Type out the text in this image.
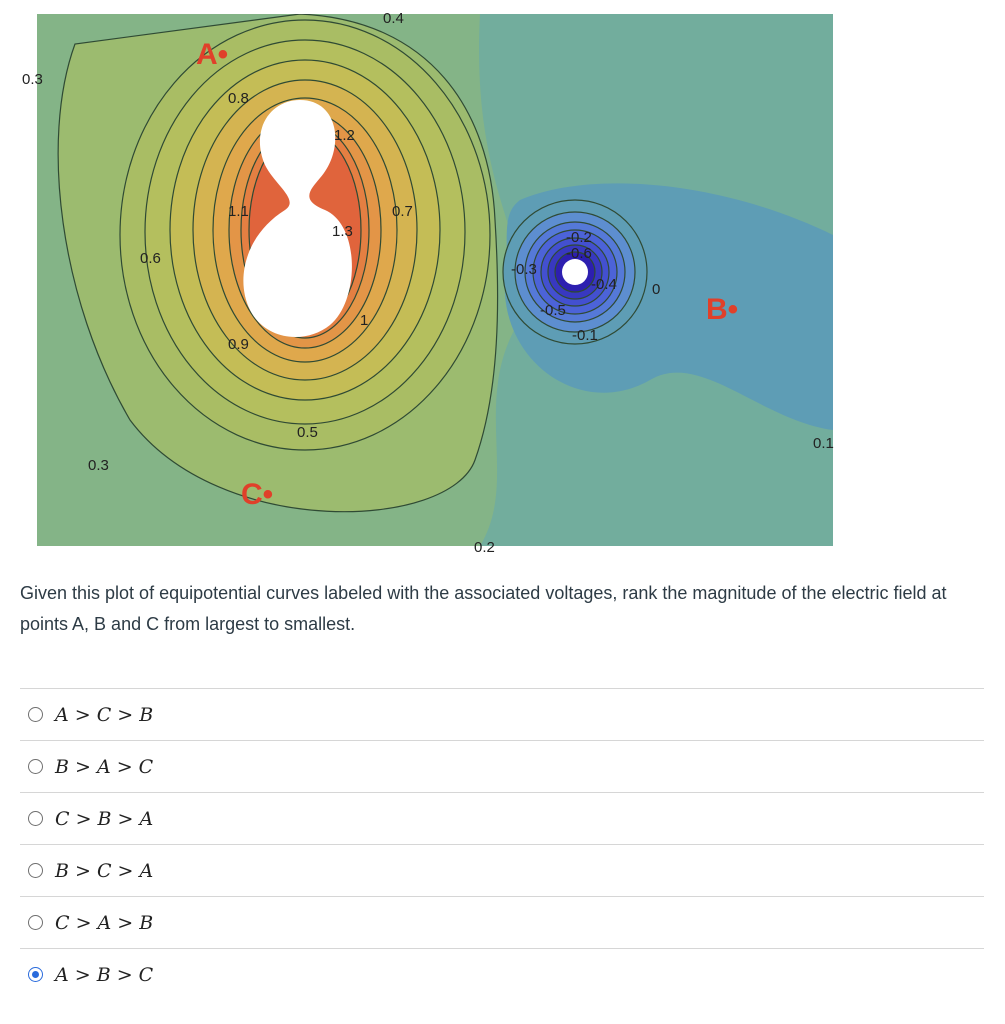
0.3
0.4
0.8
1.2
1.1	0.7
1.3
0.6
0.9
1
0.5
0.3
0.2
-0.2
-0.6
-0.3
-0.4 0
-0.5
-0.1
0.1
A•
B•
C•
Given this plot of equipotential curves labeled with the associated voltages, rank the magnitude of the electric field at points A, B and C from largest to smallest.
A > C > B
B > A > C
C > B > A
B > C > A
C > A > B
A > B > C
